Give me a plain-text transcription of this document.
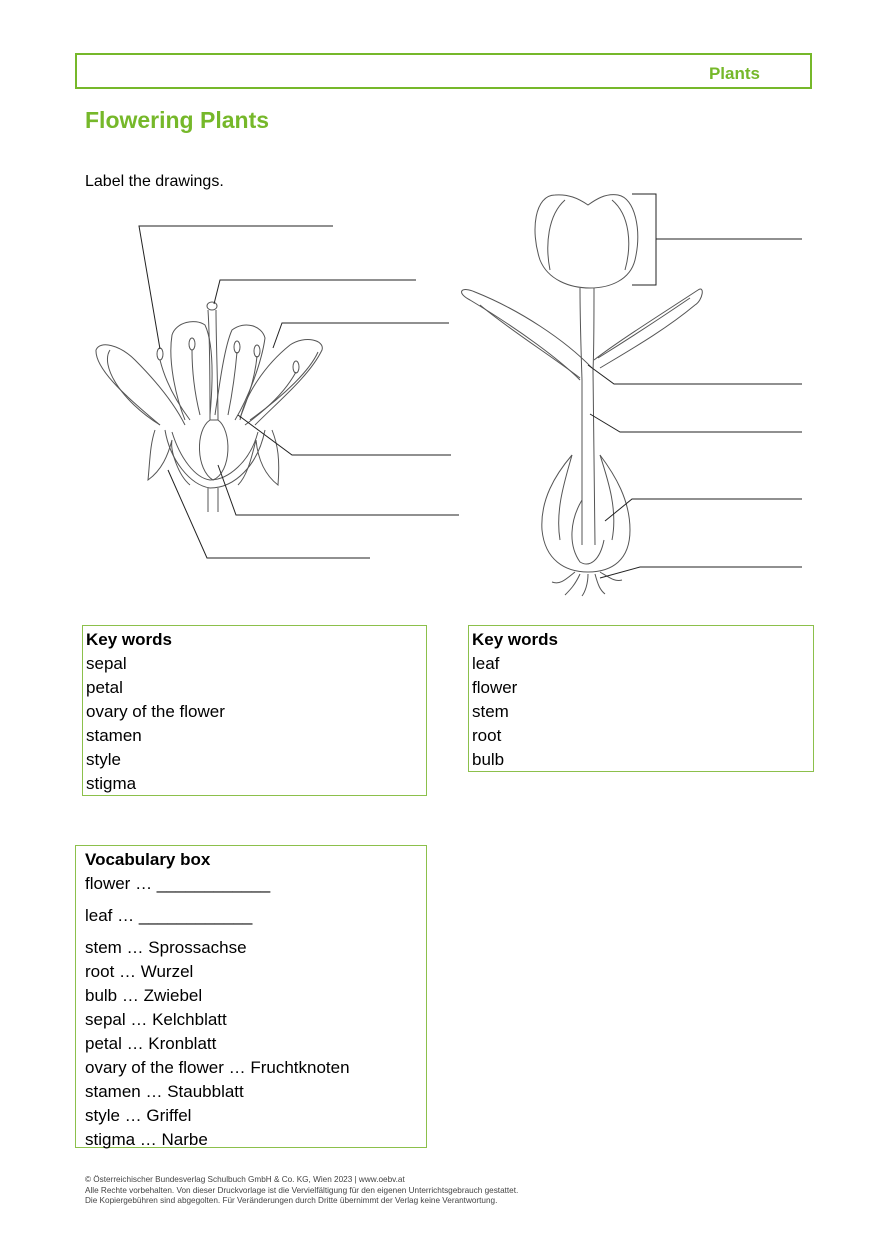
Plants
Flowering Plants
Label the drawings.
Key words
sepal
petal
ovary of the flower
stamen
style
stigma
Key words
leaf
flower
stem
root
bulb
Vocabulary box
flower … ____________
leaf … ____________
stem … Sprossachse
root … Wurzel
bulb … Zwiebel
sepal … Kelchblatt
petal … Kronblatt
ovary of the flower … Fruchtknoten
stamen … Staubblatt
style … Griffel
stigma … Narbe
© Österreichischer Bundesverlag Schulbuch GmbH & Co. KG, Wien 2023 | www.oebv.at
Alle Rechte vorbehalten. Von dieser Druckvorlage ist die Vervielfältigung für den eigenen Unterrichtsgebrauch gestattet.
Die Kopiergebühren sind abgegolten. Für Veränderungen durch Dritte übernimmt der Verlag keine Verantwortung.
